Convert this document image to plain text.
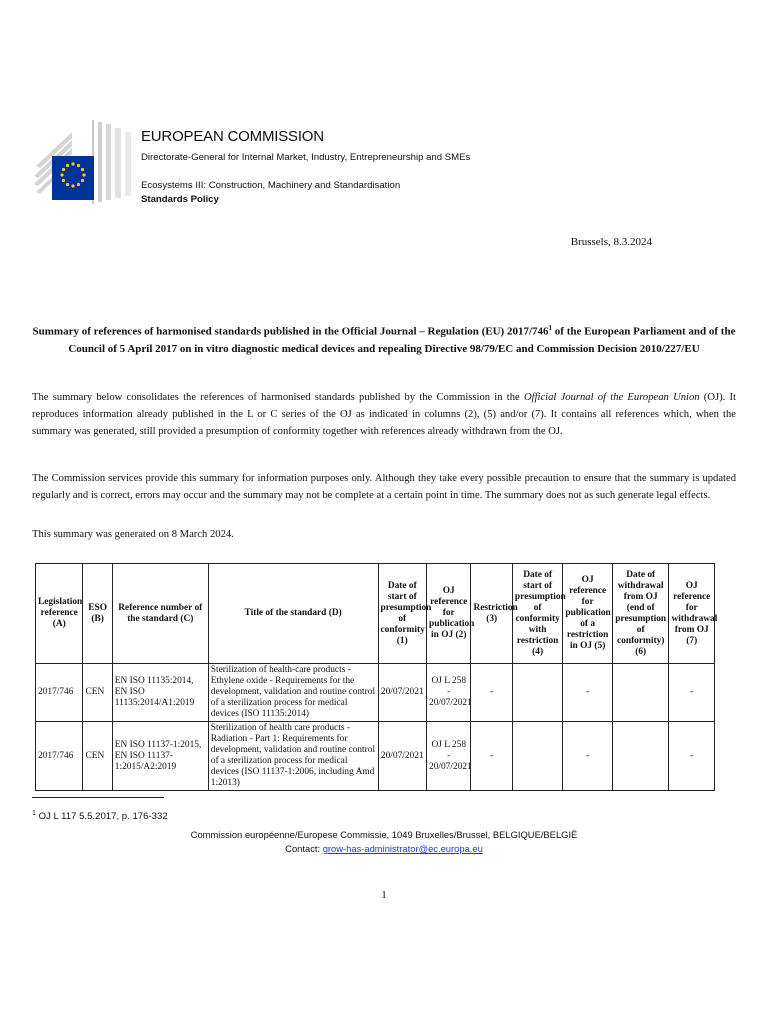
EUROPEAN COMMISSION
Directorate-General for Internal Market, Industry, Entrepreneurship and SMEs
Ecosystems III: Construction, Machinery and Standardisation
Standards Policy
Brussels, 8.3.2024
Summary of references of harmonised standards published in the Official Journal – Regulation (EU) $2017/746^1$ of the European Parliament and of the Council of 5 April 2017 on in vitro diagnostic medical devices and repealing Directive 98/79/EC and Commission Decision 2010/227/EU
The summary below consolidates the references of harmonised standards published by the Commission in the Official Journal of the European Union (OJ). It reproduces information already published in the L or C series of the OJ as indicated in columns (2), (5) and/or (7). It contains all references which, when the summary was generated, still provided a presumption of conformity together with references already withdrawn from the OJ.
The Commission services provide this summary for information purposes only. Although they take every possible precaution to ensure that the summary is updated regularly and is correct, errors may occur and the summary may not be complete at a certain point in time. The summary does not as such generate legal effects.
This summary was generated on 8 March 2024.
Legislation reference (A)	ESO (B)	Reference number of the standard (C)	Title of the standard (D)	Date of start of presumption of conformity (1)	OJ reference for publication in OJ (2)	Restriction (3)	Date of start of presumption of conformity with restriction (4)	OJ reference for publication of a restriction in OJ (5)	Date of withdrawal from OJ (end of presumption of conformity) (6)	OJ reference for withdrawal from OJ (7)
2017/746	CEN	EN ISO 11135:2014, EN ISO 11135:2014/A1:2019	Sterilization of health-care products - Ethylene oxide - Requirements for the development, validation and routine control of a sterilization process for medical devices (ISO 11135:2014)	20/07/2021	OJ L 258 - 20/07/2021	-		-		-
2017/746	CEN	EN ISO 11137-1:2015, EN ISO 11137-1:2015/A2:2019	Sterilization of health care products - Radiation - Part 1: Requirements for development, validation and routine control of a sterilization process for medical devices (ISO 11137-1:2006, including Amd 1:2013)	20/07/2021	OJ L 258 - 20/07/2021	-		-		-
$^1$ OJ L 117 5.5.2017, p. 176-332
Commission européenne/Europese Commissie, 1049 Bruxelles/Brussel, BELGIQUE/BELGIË
Contact: grow-has-administrator@ec.europa.eu
1
